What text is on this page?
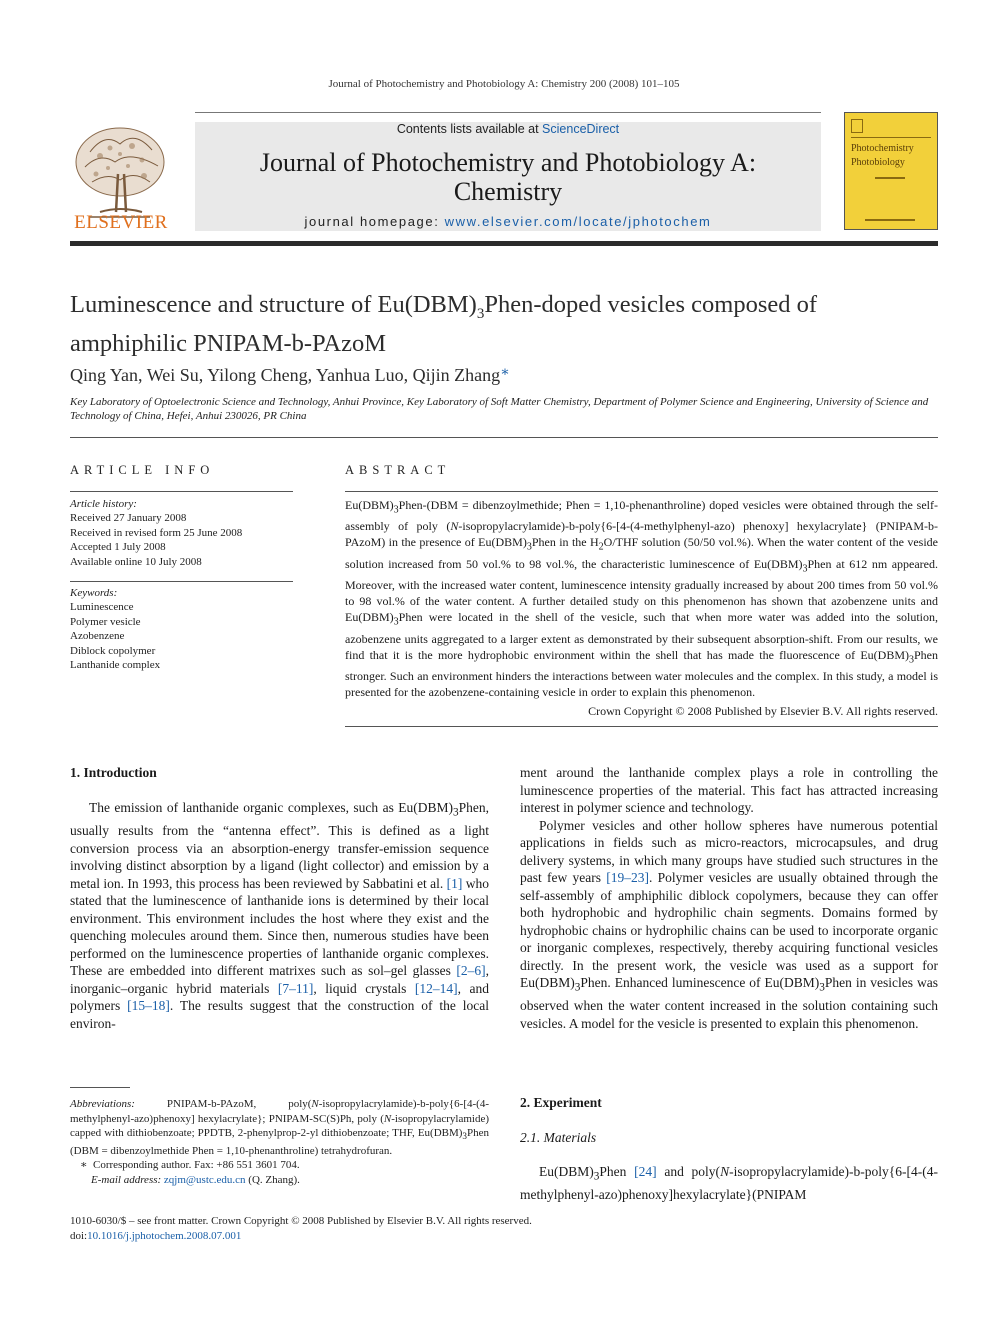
Journal of Photochemistry and Photobiology A: Chemistry 200 (2008) 101–105
ELSEVIER
Contents lists available at ScienceDirect
Journal of Photochemistry and Photobiology A:
Chemistry
journal homepage: www.elsevier.com/locate/jphotochem
Photochemistry
Photobiology
Luminescence and structure of $Eu(DBM)_3Phen$-doped vesicles composed of amphiphilic PNIPAM-b-PAzoM
Qing Yan, Wei Su, Yilong Cheng, Yanhua Luo, Qijin Zhang∗
Key Laboratory of Optoelectronic Science and Technology, Anhui Province, Key Laboratory of Soft Matter Chemistry, Department of Polymer Science and Engineering, University of Science and Technology of China, Hefei, Anhui 230026, PR China
ARTICLE INFO	ABSTRACT
Article history:
Received 27 January 2008
Received in revised form 25 June 2008
Accepted 1 July 2008
Available online 10 July 2008
Keywords:
Luminescence
Polymer vesicle
Azobenzene
Diblock copolymer
Lanthanide complex
$Eu(DBM)_3Phen-(DBM$ = dibenzoylmethide; Phen = 1,10-phenanthroline) doped vesicles were obtained through the self-assembly of poly (N-isopropylacrylamide)-b-poly{6-[4-(4-methylphenyl-azo) phenoxy] hexylacrylate} (PNIPAM-b-PAzoM) in the presence of $Eu(DBM)_3Phen$ in the $H_2O$/THF solution (50/50 vol.%). When the water content of the veside solution increased from 50 vol.% to 98 vol.%, the characteristic luminescence of $Eu(DBM)_3Phen$ at 612 nm appeared. Moreover, with the increased water content, luminescence intensity gradually increased by about 200 times from 50 vol.% to 98 vol.% of the water content. A further detailed study on this phenomenon has shown that azobenzene units and $Eu(DBM)_3Phen$ were located in the shell of the vesicle, such that when more water was added into the solution, azobenzene units aggregated to a larger extent as demonstrated by their subsequent absorption-shift. From our results, we find that it is the more hydrophobic environment within the shell that has made the fluorescence of $Eu(DBM)_3Phen$ stronger. Such an environment hinders the interactions between water molecules and the complex. In this study, a model is presented for the azobenzene-containing vesicle in order to explain this phenomenon.
Crown Copyright © 2008 Published by Elsevier B.V. All rights reserved.
1. Introduction

The emission of lanthanide organic complexes, such as $Eu(DBM)_3Phen$, usually results from the “antenna effect”. This is defined as a light conversion process via an absorption-energy transfer-emission sequence involving distinct absorption by a ligand (light collector) and emission by a metal ion. In 1993, this process has been reviewed by Sabbatini et al. [1] who stated that the luminescence of lanthanide ions is determined by their local environment. This environment includes the host where they exist and the quenching molecules around them. Since then, numerous studies have been performed on the luminescence properties of lanthanide organic complexes. These are embedded into different matrixes such as sol–gel glasses [2–6], inorganic–organic hybrid materials [7–11], liquid crystals [12–14], and polymers [15–18]. The results suggest that the construction of the local environ-

ment around the lanthanide complex plays a role in controlling the luminescence properties of the material. This fact has attracted increasing interest in polymer science and technology.

Polymer vesicles and other hollow spheres have numerous potential applications in fields such as micro-reactors, microcapsules, and drug delivery systems, in which many groups have studied such structures in the past few years [19–23]. Polymer vesicles are usually obtained through the self-assembly of amphiphilic diblock copolymers, because they can offer both hydrophobic and hydrophilic chain segments. Domains formed by hydrophobic chains or hydrophilic chains can be used to incorporate organic or inorganic complexes, respectively, thereby acquiring functional vesicles directly. In the present work, the vesicle was used as a support for $Eu(DBM)_3Phen$. Enhanced luminescence of $Eu(DBM)_3Phen$ in vesicles was observed when the water content increased in the solution containing such vesicles. A model for the vesicle is presented to explain this phenomenon.

2. Experiment
2.1. Materials

$Eu(DBM)_3Phen$ [24] and poly(N-isopropylacrylamide)-b-poly{6-[4-(4-methylphenyl-azo)phenoxy]hexylacrylate}(PNIPAM

Abbreviations: PNIPAM-b-PAzoM, poly(N-isopropylacrylamide)-b-poly{6-[4-(4-methylphenyl-azo)phenoxy] hexylacrylate}; PNIPAM-SC(S)Ph, poly (N-isopropylacrylamide) capped with dithiobenzoate; PPDTB, 2-phenylprop-2-yl dithiobenzoate; THF, $Eu(DBM)_3Phen$ (DBM = dibenzoylmethide Phen = 1,10-phenanthroline) tetrahydrofuran.
∗ Corresponding author. Fax: +86 551 3601 704.
E-mail address: zqjm@ustc.edu.cn (Q. Zhang).
1010-6030/$ – see front matter. Crown Copyright © 2008 Published by Elsevier B.V. All rights reserved.
doi:10.1016/j.jphotochem.2008.07.001
